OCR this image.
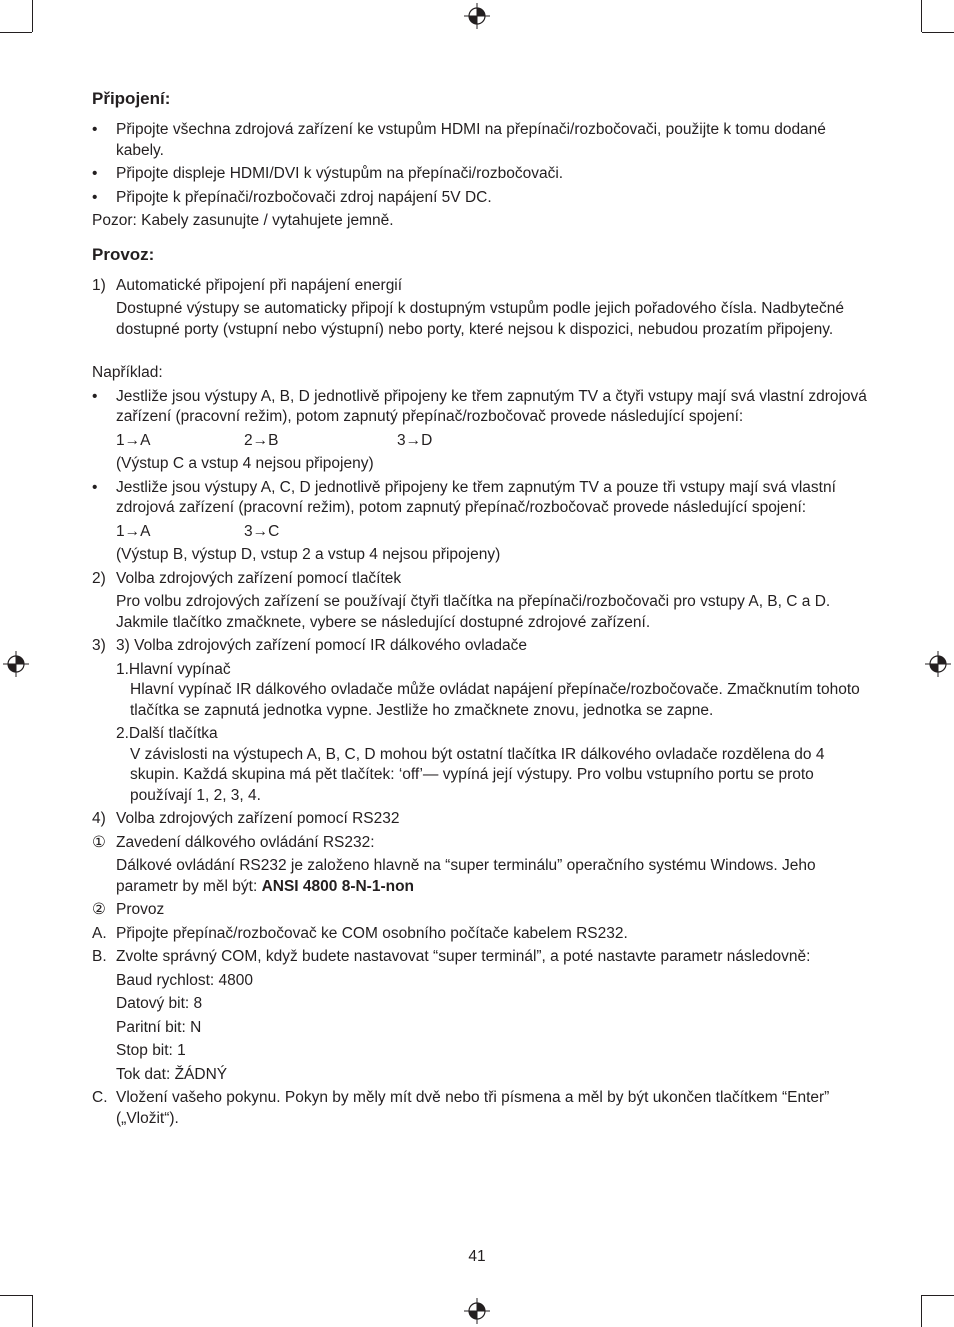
Připojení:
• Připojte všechna zdrojová zařízení ke vstupům HDMI na přepínači/rozbočovači, použijte k tomu dodané kabely.
• Připojte displeje HDMI/DVI k výstupům na přepínači/rozbočovači.
• Připojte k přepínači/rozbočovači zdroj napájení 5V DC.
Pozor: Kabely zasunujte / vytahujete jemně.
Provoz:
1) Automatické připojení při napájení energií
Dostupné výstupy se automaticky připojí k dostupným vstupům podle jejich pořadového čísla. Nadbytečné dostupné porty (vstupní nebo výstupní) nebo porty, které nejsou k dispozici, nebudou prozatím připojeny.
Například:
• Jestliže jsou výstupy A, B, D jednotlivě připojeny ke třem zapnutým TV a čtyři vstupy mají svá vlastní zdrojová zařízení (pracovní režim), potom zapnutý přepínač/rozbočovač provede následující spojení:
1→A	2→B	3→D
(Výstup C a vstup 4 nejsou připojeny)
• Jestliže jsou výstupy A, C, D jednotlivě připojeny ke třem zapnutým TV a pouze tři vstupy mají svá vlastní zdrojová zařízení (pracovní režim), potom zapnutý přepínač/rozbočovač provede následující spojení:
1→A	3→C
(Výstup B, výstup D, vstup 2 a vstup 4 nejsou připojeny)
2) Volba zdrojových zařízení pomocí tlačítek
Pro volbu zdrojových zařízení se používají čtyři tlačítka na přepínači/rozbočovači pro vstupy A, B, C a D. Jakmile tlačítko zmačknete, vybere se následující dostupné zdrojové zařízení.
3) 3) Volba zdrojových zařízení pomocí IR dálkového ovladače
1.Hlavní vypínač
Hlavní vypínač IR dálkového ovladače může ovládat napájení přepínače/rozbočovače. Zmačknutím tohoto tlačítka se zapnutá jednotka vypne. Jestliže ho zmačknete znovu, jednotka se zapne.
2.Další tlačítka
V závislosti na výstupech A, B, C, D mohou být ostatní tlačítka IR dálkového ovladače rozdělena do 4 skupin. Každá skupina má pět tlačítek: ‘off’— vypíná její výstupy. Pro volbu vstupního portu se proto používají 1, 2, 3, 4.
4) Volba zdrojových zařízení pomocí RS232
① Zavedení dálkového ovládání RS232:
Dálkové ovládání RS232 je založeno hlavně na “super terminálu” operačního systému Windows. Jeho parametr by měl být: ANSI 4800 8-N-1-non
② Provoz
A. Připojte přepínač/rozbočovač ke COM osobního počítače kabelem RS232.
B. Zvolte správný COM, když budete nastavovat “super terminál”, a poté nastavte parametr následovně:
Baud rychlost: 4800
Datový bit: 8
Paritní bit: N
Stop bit: 1
Tok dat: ŽÁDNÝ
C. Vložení vašeho pokynu. Pokyn by měly mít dvě nebo tři písmena a měl by být ukončen tlačítkem “Enter” („Vložit“).
41
